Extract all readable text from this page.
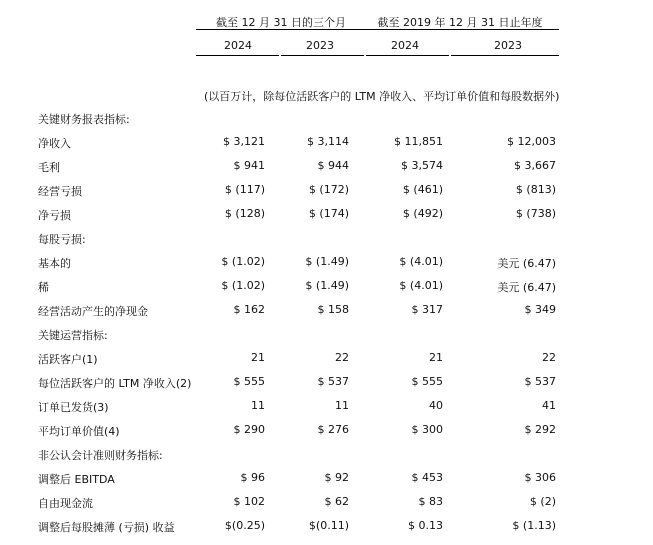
截至 12 月 31 日的三个月	截至 2019 年 12 月 31 日止年度
2024	2023	2024	2023
(以百万计，除每位活跃客户的 LTM 净收入、平均订单价值和每股数据外)
关键财务报表指标:
净收入	$ 3,121	$ 3,114	$ 11,851	$ 12,003
毛利	$ 941	$ 944	$ 3,574	$ 3,667
经营亏损	$ (117)	$ (172)	$ (461)	$ (813)
净亏损	$ (128)	$ (174)	$ (492)	$ (738)
每股亏损:
基本的	$ (1.02)	$ (1.49)	$ (4.01)	美元 (6.47)
稀	$ (1.02)	$ (1.49)	$ (4.01)	美元 (6.47)
经营活动产生的净现金	$ 162	$ 158	$ 317	$ 349
关键运营指标:
活跃客户(1)	21	22	21	22
每位活跃客户的 LTM 净收入(2)	$ 555	$ 537	$ 555	$ 537
订单已发货(3)	11	11	40	41
平均订单价值(4)	$ 290	$ 276	$ 300	$ 292
非公认会计准则财务指标:
调整后 EBITDA	$ 96	$ 92	$ 453	$ 306
自由现金流	$ 102	$ 62	$ 83	$ (2)
调整后每股摊薄 (亏损) 收益	$(0.25)	$(0.11)	$ 0.13	$ (1.13)
